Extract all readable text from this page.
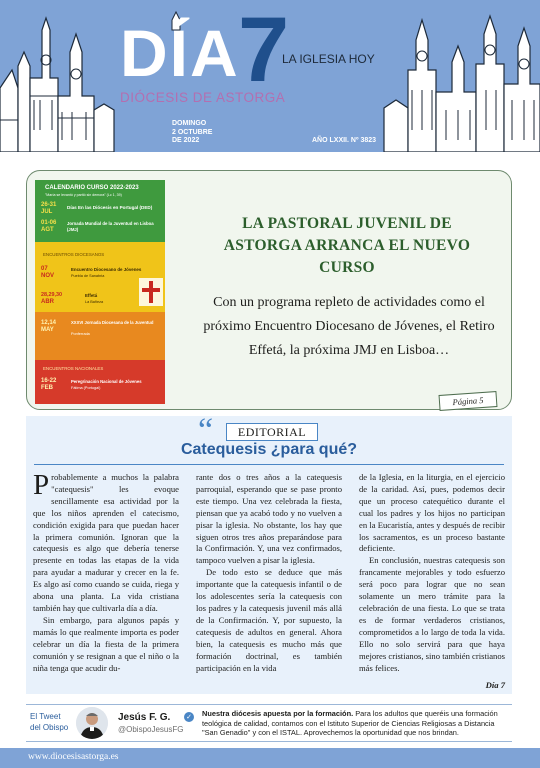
DÍA
7
LA IGLESIA HOY
DIÓCESIS DE ASTORGA
DOMINGO
2 OCTUBRE
DE 2022	AÑO LXXII. Nº 3823
CALENDARIO CURSO 2022-2023
"María se levantó y partió sin demora" (Lc 1, 39)
26-31
JUL
Días En las Diócesis en Portugal (DED)
01-06
AGT
Jornada Mundial de la Juventud en Lisboa (JMJ)
ENCUENTROS DIOCESANOS
07
NOV
Encuentro Diocesano de Jóvenes
Puebla de Sanabria
28,29,30
ABR
Effetá
La Bañeza
12,14
MAY
XXXVI Jornada Diocesana de la Juventud
Ponferrada
ENCUENTROS NACIONALES
16-22
FEB
Peregrinación Nacional de Jóvenes
Fátima (Portugal)
LA PASTORAL JUVENIL DE ASTORGA ARRANCA EL NUEVO CURSO

Con un programa repleto de actividades como el próximo Encuentro Diocesano de Jóvenes, el Retiro Effetá, la próxima JMJ en Lisboa…

Página 5
“	EDITORIAL
Catequesis ¿para qué?

Probablemente a muchos la palabra "catequesis" les evoque sencillamente esa actividad por la que los niños aprenden el catecismo, condición exigida para que puedan hacer la primera comunión. Ignoran que la catequesis es algo que debería tenerse presente en todas las etapas de la vida para ayudar a madurar y crecer en la fe. Es algo así como cuando se cuida, riega y abona una planta. La vida cristiana también hay que cultivarla día a día.

Sin embargo, para algunos papás y mamás lo que realmente importa es poder celebrar un día la fiesta de la primera comunión y se resignan a que el niño o la niña tenga que acudir du-

rante dos o tres años a la catequesis parroquial, esperando que se pase pronto este tiempo. Una vez celebrada la fiesta, piensan que ya acabó todo y no vuelven a pisar la iglesia. No obstante, los hay que siguen otros tres años preparándose para la Confirmación. Y, una vez confirmados, tampoco vuelven a pisar la iglesia.

De todo esto se deduce que más importante que la catequesis infantil o de los adolescentes sería la catequesis con los padres y la catequesis juvenil más allá de la Confirmación. Y, por supuesto, la catequesis de adultos en general. Ahora bien, la catequesis es mucho más que formación doctrinal, es también participación en la vida

de la Iglesia, en la liturgia, en el ejercicio de la caridad. Así, pues, podemos decir que un proceso catequético durante el cual los padres y los hijos no participan en la Eucaristía, antes y después de recibir los sacramentos, es un proceso bastante deficiente.

En conclusión, nuestras catequesis son francamente mejorables y todo esfuerzo será poco para lograr que no sean solamente un mero trámite para la celebración de una fiesta. Lo que se trata es de formar verdaderos cristianos, comprometidos a lo largo de toda la vida. Ello no solo servirá para que haya mejores cristianos, sino también cristianos más felices.

Día 7
El Tweet del Obispo
Jesús F. G. ✓
@ObispoJesusFG

Nuestra diócesis apuesta por la formación. Para los adultos que queréis una formación teológica de calidad, contamos con el Istituto Superior de Ciencias Religiosas a Distancia "San Genadio" y con el ISTAL. Aprovechemos la oportunidad que nos brindan.

www.diocesisastorga.es
